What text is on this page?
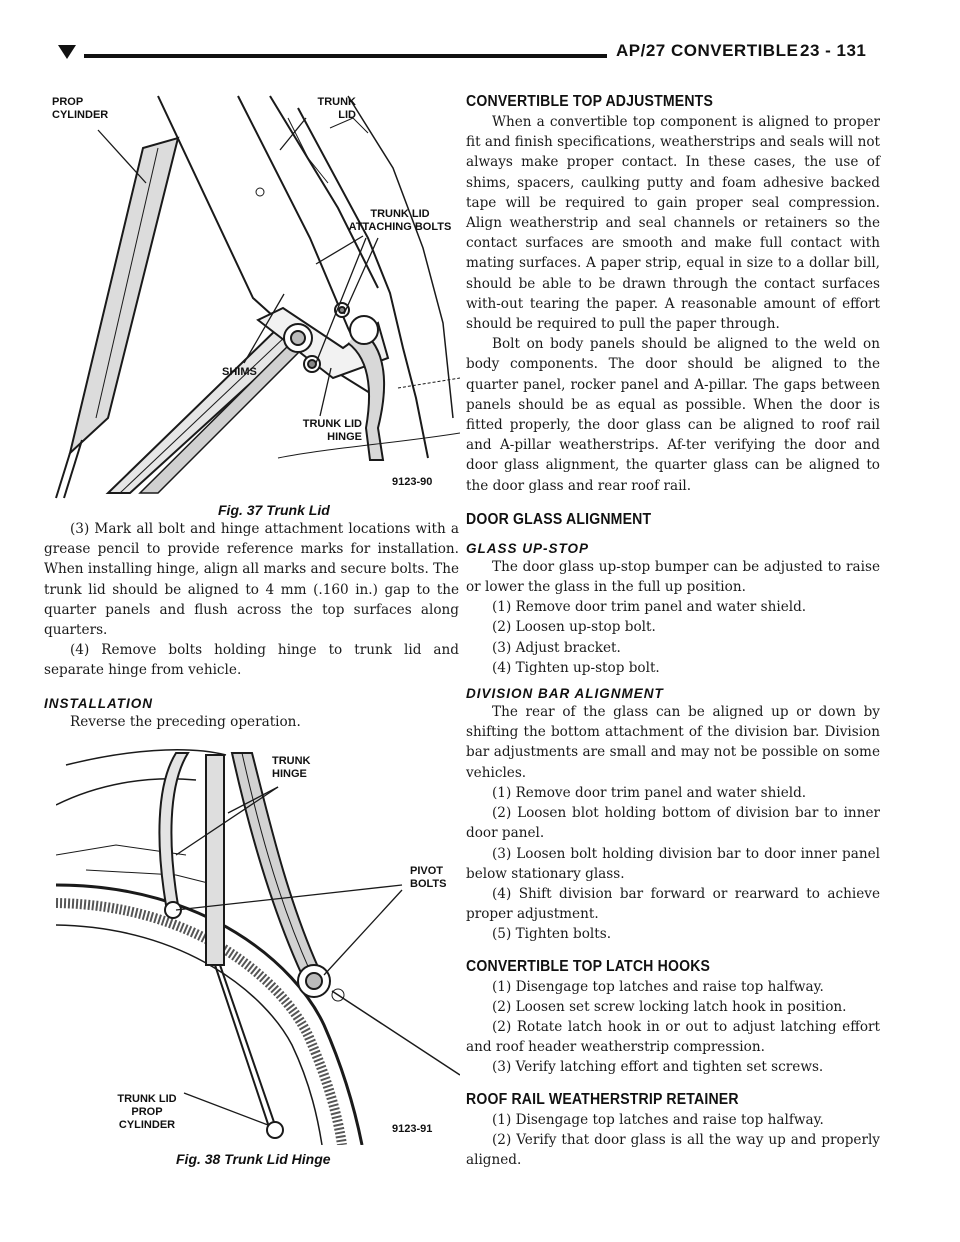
AP/27 CONVERTIBLE 23 - 131
PROP CYLINDER
TRUNK LID
TRUNK LID ATTACHING BOLTS
SHIMS
TRUNK LID HINGE
9123-90
Fig. 37 Trunk Lid

(3) Mark all bolt and hinge attachment locations with a grease pencil to provide reference marks for installation. When installing hinge, align all marks and secure bolts. The trunk lid should be aligned to 4 mm (.160 in.) gap to the quarter panels and flush across the top surfaces along quarters.

(4) Remove bolts holding hinge to trunk lid and separate hinge from vehicle.

INSTALLATION

Reverse the preceding operation.

TRUNK HINGE
PIVOT BOLTS
TRUNK LID PROP CYLINDER	9123-91
Fig. 38 Trunk Lid Hinge
CONVERTIBLE TOP ADJUSTMENTS

When a convertible top component is aligned to proper fit and finish specifications, weatherstrips and seals will not always make proper contact. In these cases, the use of shims, spacers, caulking putty and foam adhesive backed tape will be required to gain proper seal compression. Align weatherstrip and seal channels or retainers so the contact surfaces are smooth and make full contact with mating surfaces. A paper strip, equal in size to a dollar bill, should be able to be drawn through the contact surfaces with-out tearing the paper. A reasonable amount of effort should be required to pull the paper through.

Bolt on body panels should be aligned to the weld on body components. The door should be aligned to the quarter panel, rocker panel and A-pillar. The gaps between panels should be as equal as possible. When the door is fitted properly, the door glass can be aligned to roof rail and A-pillar weatherstrips. Af-ter verifying the door and door glass alignment, the quarter glass can be aligned to the door glass and rear roof rail.

DOOR GLASS ALIGNMENT
GLASS UP-STOP

The door glass up-stop bumper can be adjusted to raise or lower the glass in the full up position.

(1) Remove door trim panel and water shield.

(2) Loosen up-stop bolt.

(3) Adjust bracket.

(4) Tighten up-stop bolt.

DIVISION BAR ALIGNMENT

The rear of the glass can be aligned up or down by shifting the bottom attachment of the division bar. Division bar adjustments are small and may not be possible on some vehicles.

(1) Remove door trim panel and water shield.

(2) Loosen blot holding bottom of division bar to inner door panel.

(3) Loosen bolt holding division bar to door inner panel below stationary glass.

(4) Shift division bar forward or rearward to achieve proper adjustment.

(5) Tighten bolts.

CONVERTIBLE TOP LATCH HOOKS

(1) Disengage top latches and raise top halfway.

(2) Loosen set screw locking latch hook in position.

(2) Rotate latch hook in or out to adjust latching effort and roof header weatherstrip compression.

(3) Verify latching effort and tighten set screws.

ROOF RAIL WEATHERSTRIP RETAINER

(1) Disengage top latches and raise top halfway.

(2) Verify that door glass is all the way up and properly aligned.
